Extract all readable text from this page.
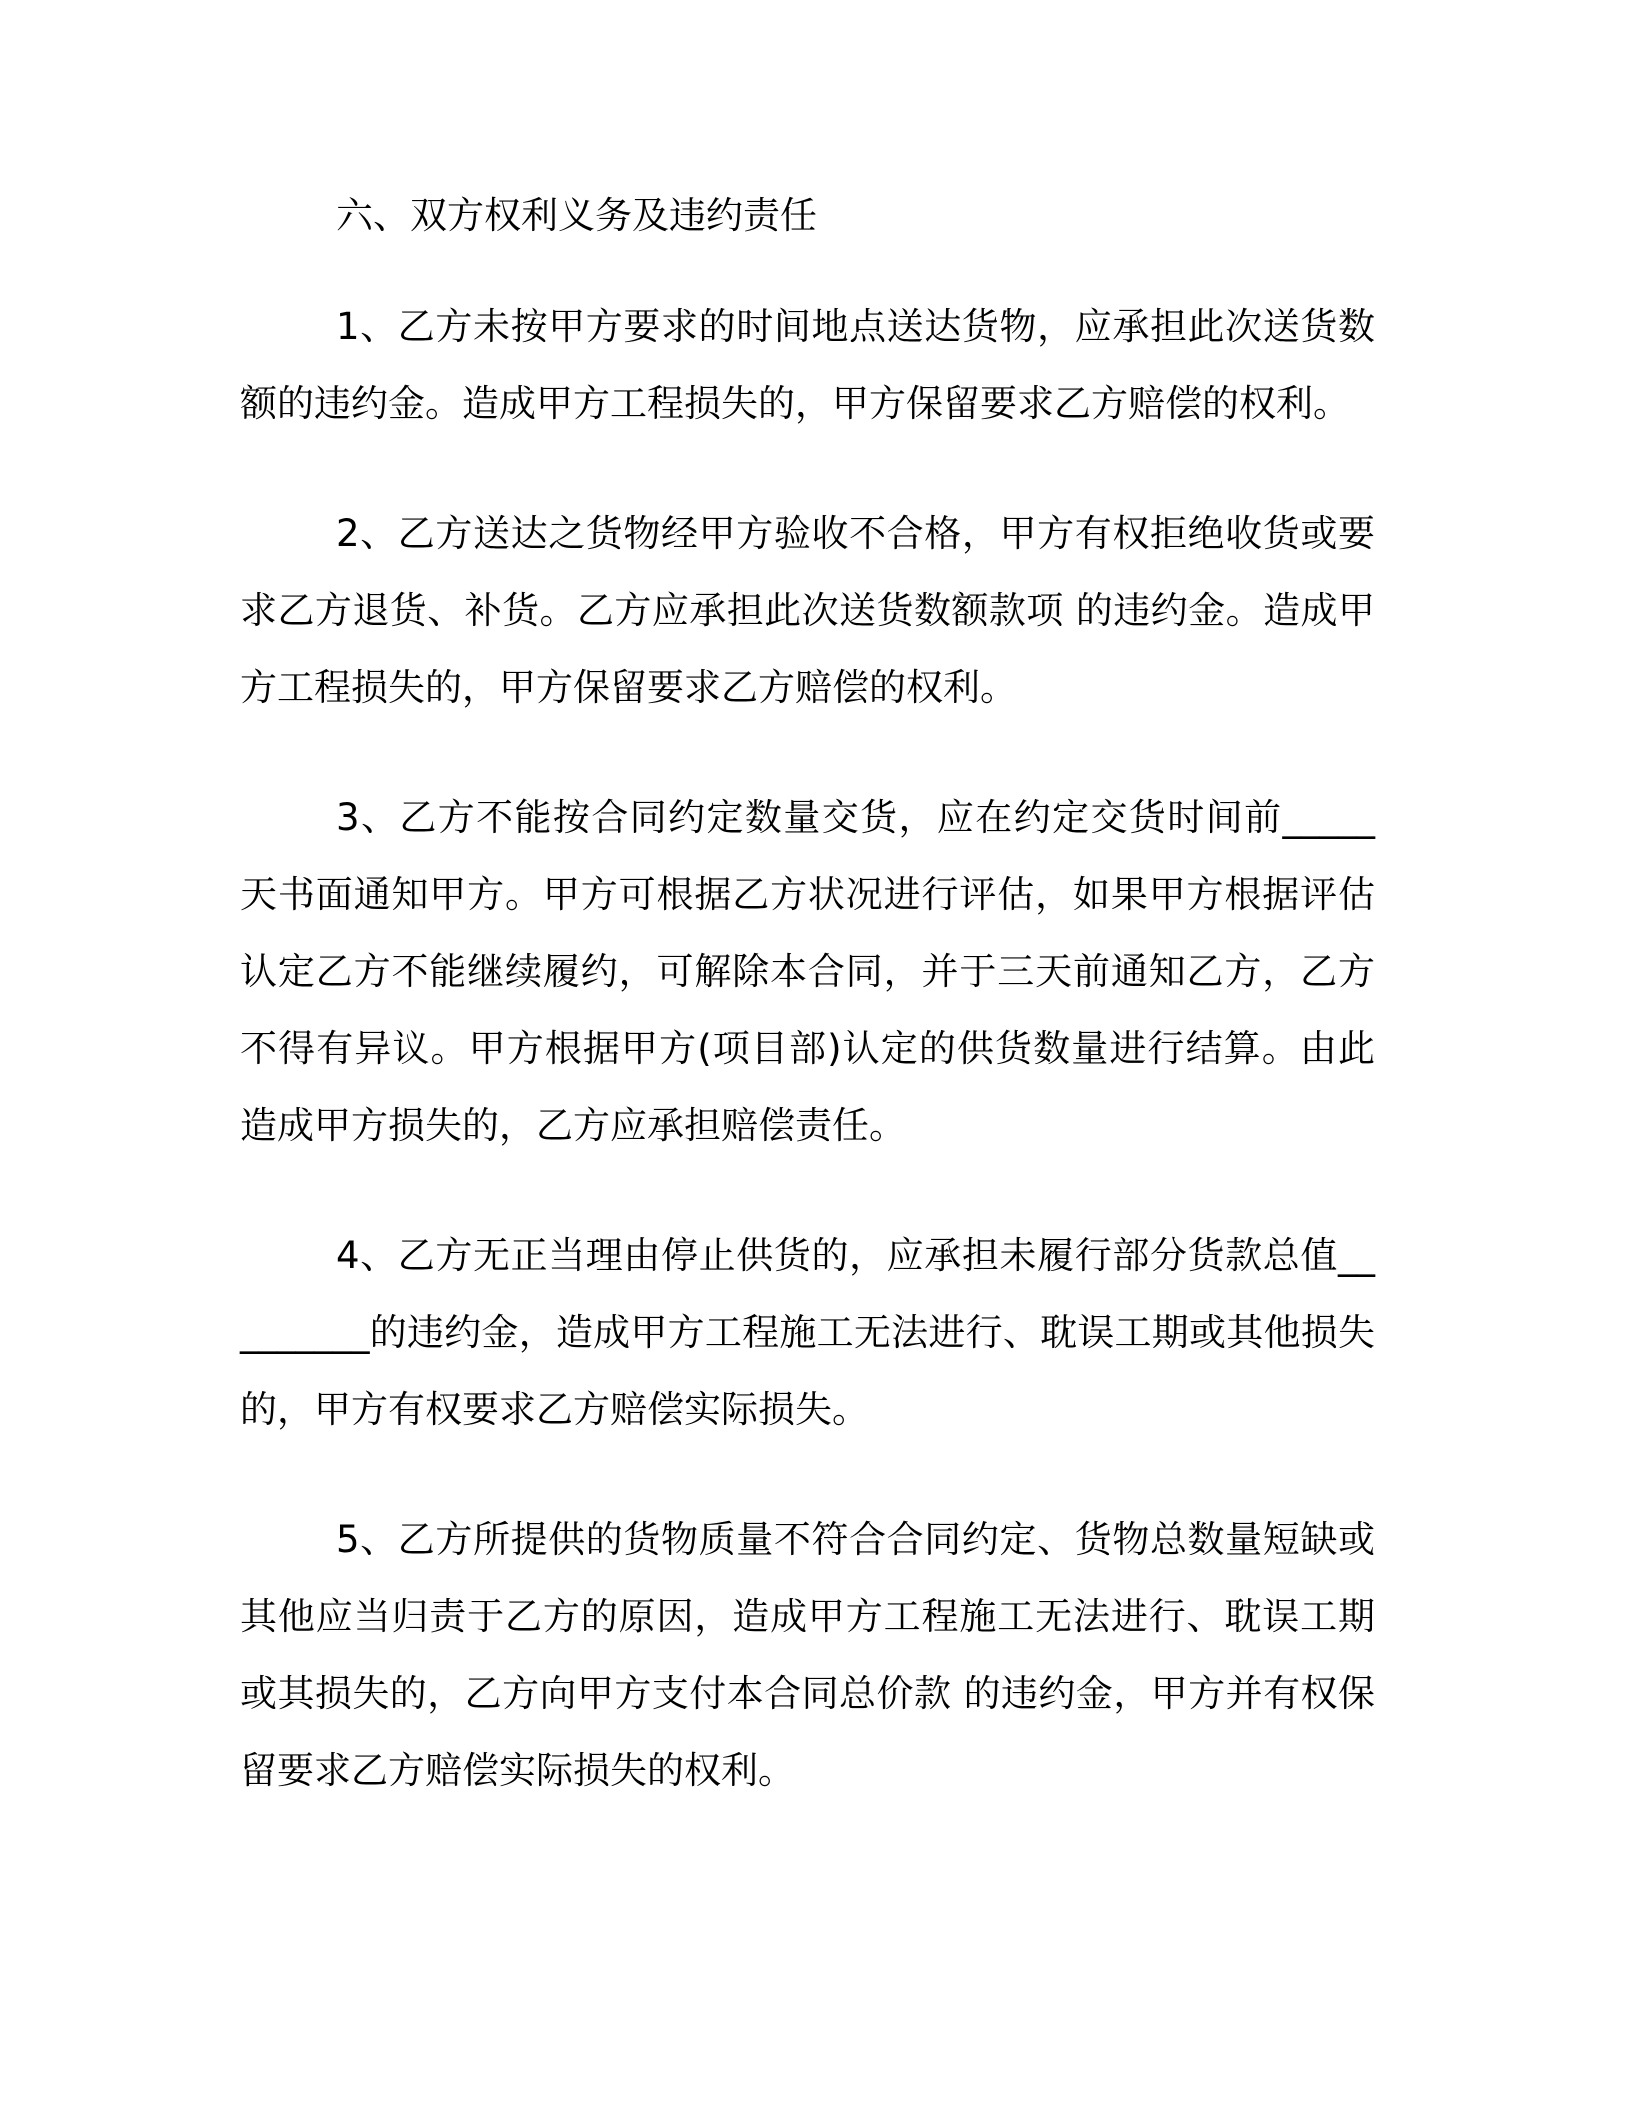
六、双方权利义务及违约责任

1、乙方未按甲方要求的时间地点送达货物，应承担此次送货数额的违约金。造成甲方工程损失的，甲方保留要求乙方赔偿的权利。

2、乙方送达之货物经甲方验收不合格，甲方有权拒绝收货或要求乙方退货、补货。乙方应承担此次送货数额款项 的违约金。造成甲方工程损失的，甲方保留要求乙方赔偿的权利。

3、乙方不能按合同约定数量交货，应在约定交货时间前_____天书面通知甲方。甲方可根据乙方状况进行评估，如果甲方根据评估认定乙方不能继续履约，可解除本合同，并于三天前通知乙方，乙方不得有异议。甲方根据甲方(项目部)认定的供货数量进行结算。由此造成甲方损失的，乙方应承担赔偿责任。

4、乙方无正当理由停止供货的，应承担未履行部分货款总值_________的违约金，造成甲方工程施工无法进行、耽误工期或其他损失的，甲方有权要求乙方赔偿实际损失。

5、乙方所提供的货物质量不符合合同约定、货物总数量短缺或其他应当归责于乙方的原因，造成甲方工程施工无法进行、耽误工期或其损失的，乙方向甲方支付本合同总价款 的违约金，甲方并有权保留要求乙方赔偿实际损失的权利。
